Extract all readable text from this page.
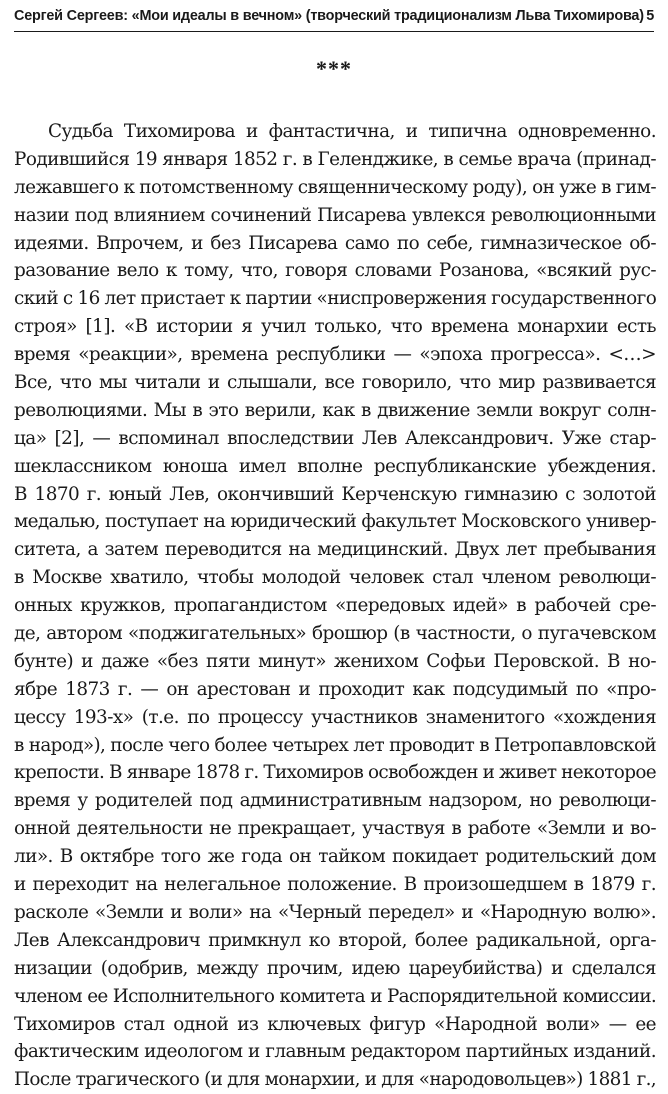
Сергей Сергеев: «Мои идеалы в вечном» (творческий традиционализм Льва Тихомирова) 5
***
Судьба Тихомирова и фантастична, и типична одновременно.
Родившийся 19 января 1852 г. в Геленджике, в семье врача (принад-
лежавшего к потомственному священническому роду), он уже в гим-
назии под влиянием сочинений Писарева увлекся революционными
идеями. Впрочем, и без Писарева само по себе, гимназическое об-
разование вело к тому, что, говоря словами Розанова, «всякий рус-
ский с 16 лет пристает к партии «ниспровержения государственного
строя» [1]. «В истории я учил только, что времена монархии есть
время «реакции», времена республики — «эпоха прогресса». <…>
Все, что мы читали и слышали, все говорило, что мир развивается
революциями. Мы в это верили, как в движение земли вокруг солн-
ца» [2], — вспоминал впоследствии Лев Александрович. Уже стар-
шеклассником юноша имел вполне республиканские убеждения.
В 1870 г. юный Лев, окончивший Керченскую гимназию с золотой
медалью, поступает на юридический факультет Московского универ-
ситета, а затем переводится на медицинский. Двух лет пребывания
в Москве хватило, чтобы молодой человек стал членом революци-
онных кружков, пропагандистом «передовых идей» в рабочей сре-
де, автором «поджигательных» брошюр (в частности, о пугачевском
бунте) и даже «без пяти минут» женихом Софьи Перовской. В но-
ябре 1873 г. — он арестован и проходит как подсудимый по «про-
цессу 193-х» (т.е. по процессу участников знаменитого «хождения
в народ»), после чего более четырех лет проводит в Петропавловской
крепости. В январе 1878 г. Тихомиров освобожден и живет некоторое
время у родителей под административным надзором, но революци-
онной деятельности не прекращает, участвуя в работе «Земли и во-
ли». В октябре того же года он тайком покидает родительский дом
и переходит на нелегальное положение. В произошедшем в 1879 г.
расколе «Земли и воли» на «Черный передел» и «Народную волю».
Лев Александрович примкнул ко второй, более радикальной, орга-
низации (одобрив, между прочим, идею цареубийства) и сделался
членом ее Исполнительного комитета и Распорядительной комиссии.
Тихомиров стал одной из ключевых фигур «Народной воли» — ее
фактическим идеологом и главным редактором партийных изданий.
После трагического (и для монархии, и для «народовольцев») 1881 г.,
